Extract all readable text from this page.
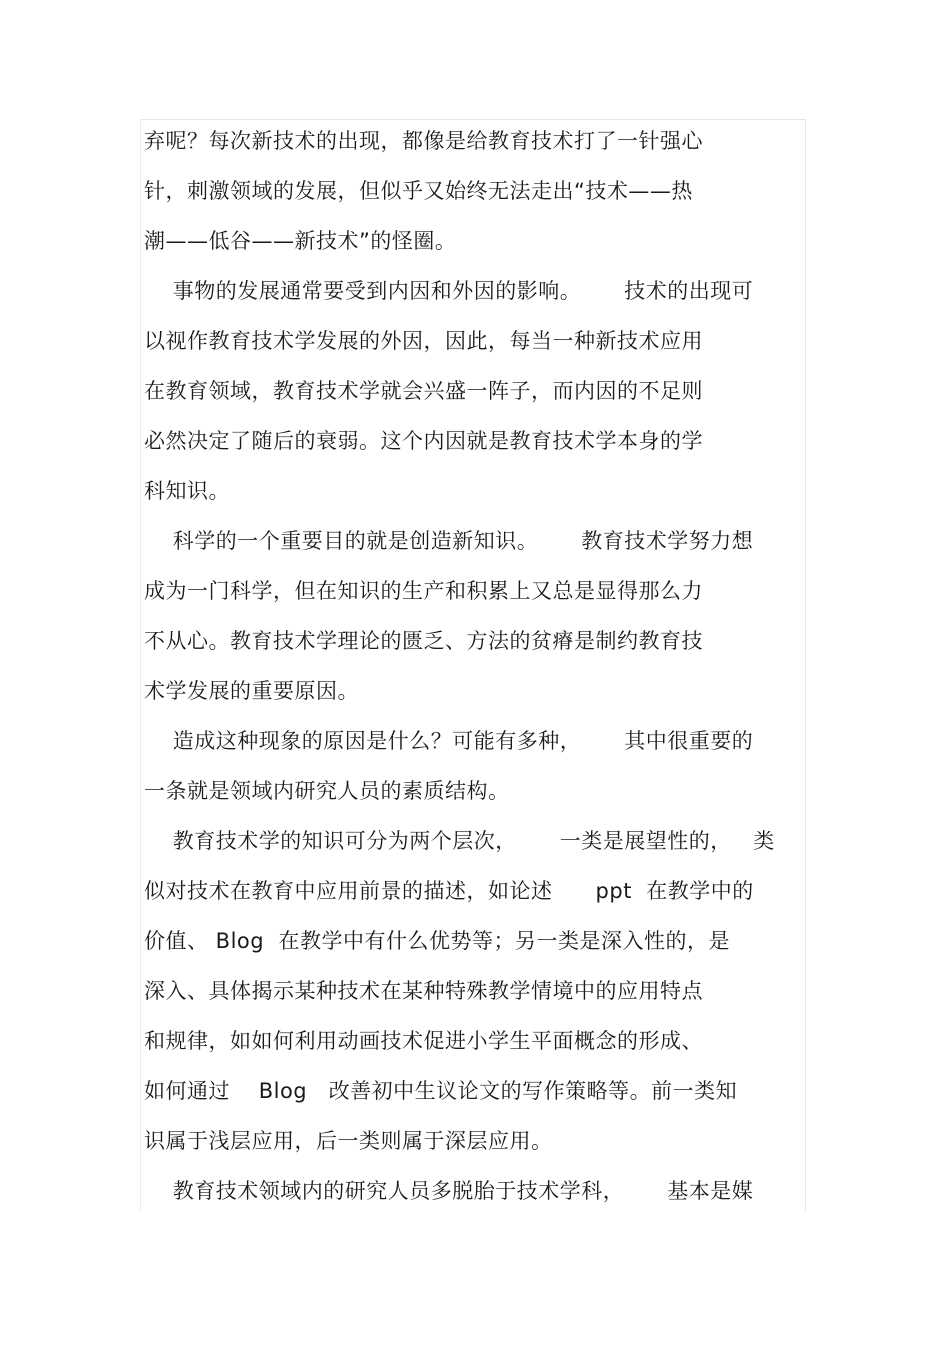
弃呢？每次新技术的出现，都像是给教育技术打了一针强心
针，刺激领域的发展，但似乎又始终无法走出“技术——热
潮——低谷——新技术”的怪圈。
事物的发展通常要受到内因和外因的影响。      技术的出现可
以视作教育技术学发展的外因，因此，每当一种新技术应用
在教育领域，教育技术学就会兴盛一阵子，而内因的不足则
必然决定了随后的衰弱。这个内因就是教育技术学本身的学
科知识。
科学的一个重要目的就是创造新知识。      教育技术学努力想
成为一门科学，但在知识的生产和积累上又总是显得那么力
不从心。教育技术学理论的匮乏、方法的贫瘠是制约教育技
术学发展的重要原因。
造成这种现象的原因是什么？可能有多种，      其中很重要的
一条就是领域内研究人员的素质结构。
教育技术学的知识可分为两个层次，      一类是展望性的，   类
似对技术在教育中应用前景的描述，如论述      ppt  在教学中的
价值、 Blog  在教学中有什么优势等；另一类是深入性的，是
深入、具体揭示某种技术在某种特殊教学情境中的应用特点
和规律，如如何利用动画技术促进小学生平面概念的形成、
如何通过    Blog   改善初中生议论文的写作策略等。前一类知
识属于浅层应用，后一类则属于深层应用。
教育技术领域内的研究人员多脱胎于技术学科，      基本是媒
